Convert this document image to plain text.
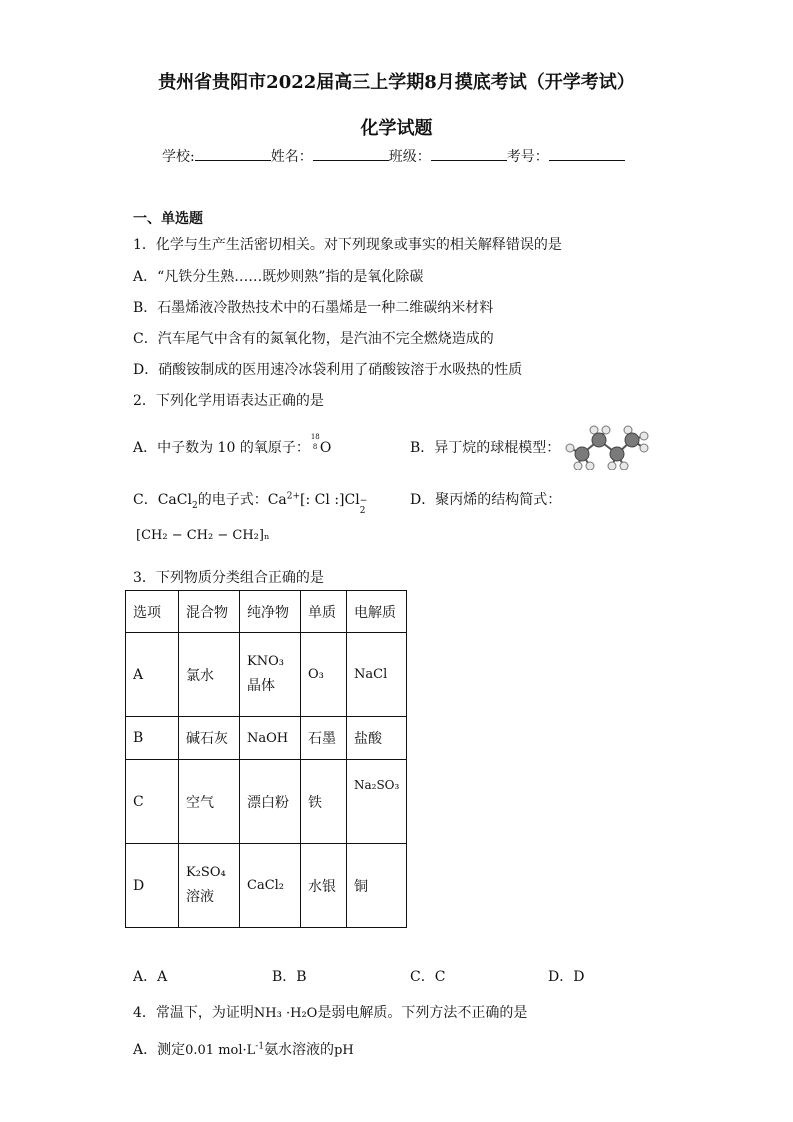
贵州省贵阳市2022届高三上学期8月摸底考试（开学考试）
化学试题
学校:	姓名：	班级：	考号：
一、单选题
1．化学与生产生活密切相关。对下列现象或事实的相关解释错误的是
A．“凡铁分生熟……既炒则熟”指的是氧化除碳
B．石墨烯液冷散热技术中的石墨烯是一种二维碳纳米材料
C．汽车尾气中含有的氮氧化物，是汽油不完全燃烧造成的
D．硝酸铵制成的医用速冷冰袋利用了硝酸铵溶于水吸热的性质
2．下列化学用语表达正确的是
A．中子数为 10 的氧原子：
18
8 O	B．异丁烷的球棍模型：
C．CaCl$_2$的电子式：$Ca^{2+}$[: Cl :]Cl −
2
D．聚丙烯的结构简式：
[CH₂ − CH₂ − CH₂]ₙ
3．下列物质分类组合正确的是
选项	混合物	纯净物	单质	电解质
A	氯水	KNO₃
晶体	O₃	NaCl
B	碱石灰	NaOH	石墨	盐酸
C	空气	漂白粉	铁	Na₂SO₃
D	K₂SO₄
溶液	CaCl₂	水银	铜
A．A	B．B	C．C	D．D
4．常温下，为证明NH₃ ·H₂O是弱电解质。下列方法不正确的是
A．测定0.01 $mol\cdot L^{-1}$氨水溶液的pH
